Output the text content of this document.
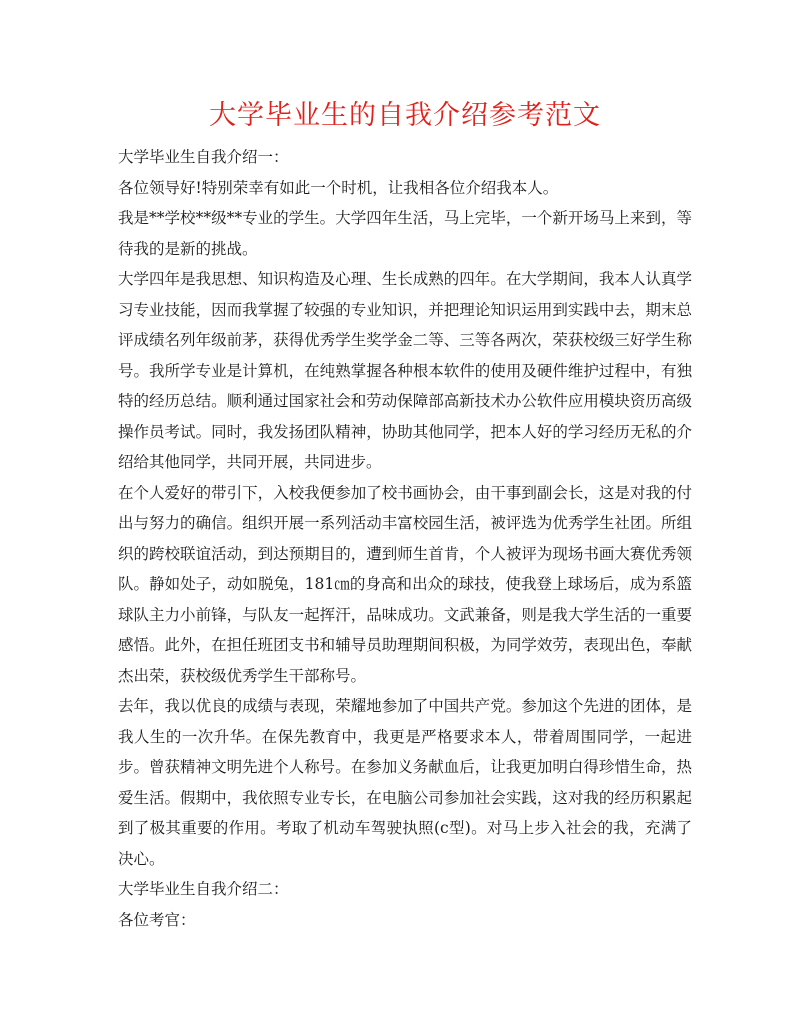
大学毕业生的自我介绍参考范文

大学毕业生自我介绍一：

各位领导好!特别荣幸有如此一个时机，让我相各位介绍我本人。

我是**学校**级**专业的学生。大学四年生活，马上完毕，一个新开场马上来到，等待我的是新的挑战。

大学四年是我思想、知识构造及心理、生长成熟的四年。在大学期间，我本人认真学习专业技能，因而我掌握了较强的专业知识，并把理论知识运用到实践中去，期末总评成绩名列年级前茅，获得优秀学生奖学金二等、三等各两次，荣获校级三好学生称号。我所学专业是计算机，在纯熟掌握各种根本软件的使用及硬件维护过程中，有独特的经历总结。顺利通过国家社会和劳动保障部高新技术办公软件应用模块资历高级操作员考试。同时，我发扬团队精神，协助其他同学，把本人好的学习经历无私的介绍给其他同学，共同开展，共同进步。

在个人爱好的带引下，入校我便参加了校书画协会，由干事到副会长，这是对我的付出与努力的确信。组织开展一系列活动丰富校园生活，被评选为优秀学生社团。所组织的跨校联谊活动，到达预期目的，遭到师生首肯，个人被评为现场书画大赛优秀领队。静如处子，动如脱兔，181㎝的身高和出众的球技，使我登上球场后，成为系篮球队主力小前锋，与队友一起挥汗，品味成功。文武兼备，则是我大学生活的一重要感悟。此外，在担任班团支书和辅导员助理期间积极，为同学效劳，表现出色，奉献杰出荣，获校级优秀学生干部称号。

去年，我以优良的成绩与表现，荣耀地参加了中国共产党。参加这个先进的团体，是我人生的一次升华。在保先教育中，我更是严格要求本人，带着周围同学，一起进步。曾获精神文明先进个人称号。在参加义务献血后，让我更加明白得珍惜生命，热爱生活。假期中，我依照专业专长，在电脑公司参加社会实践，这对我的经历积累起到了极其重要的作用。考取了机动车驾驶执照(c型)。对马上步入社会的我，充满了决心。

大学毕业生自我介绍二：

各位考官：
